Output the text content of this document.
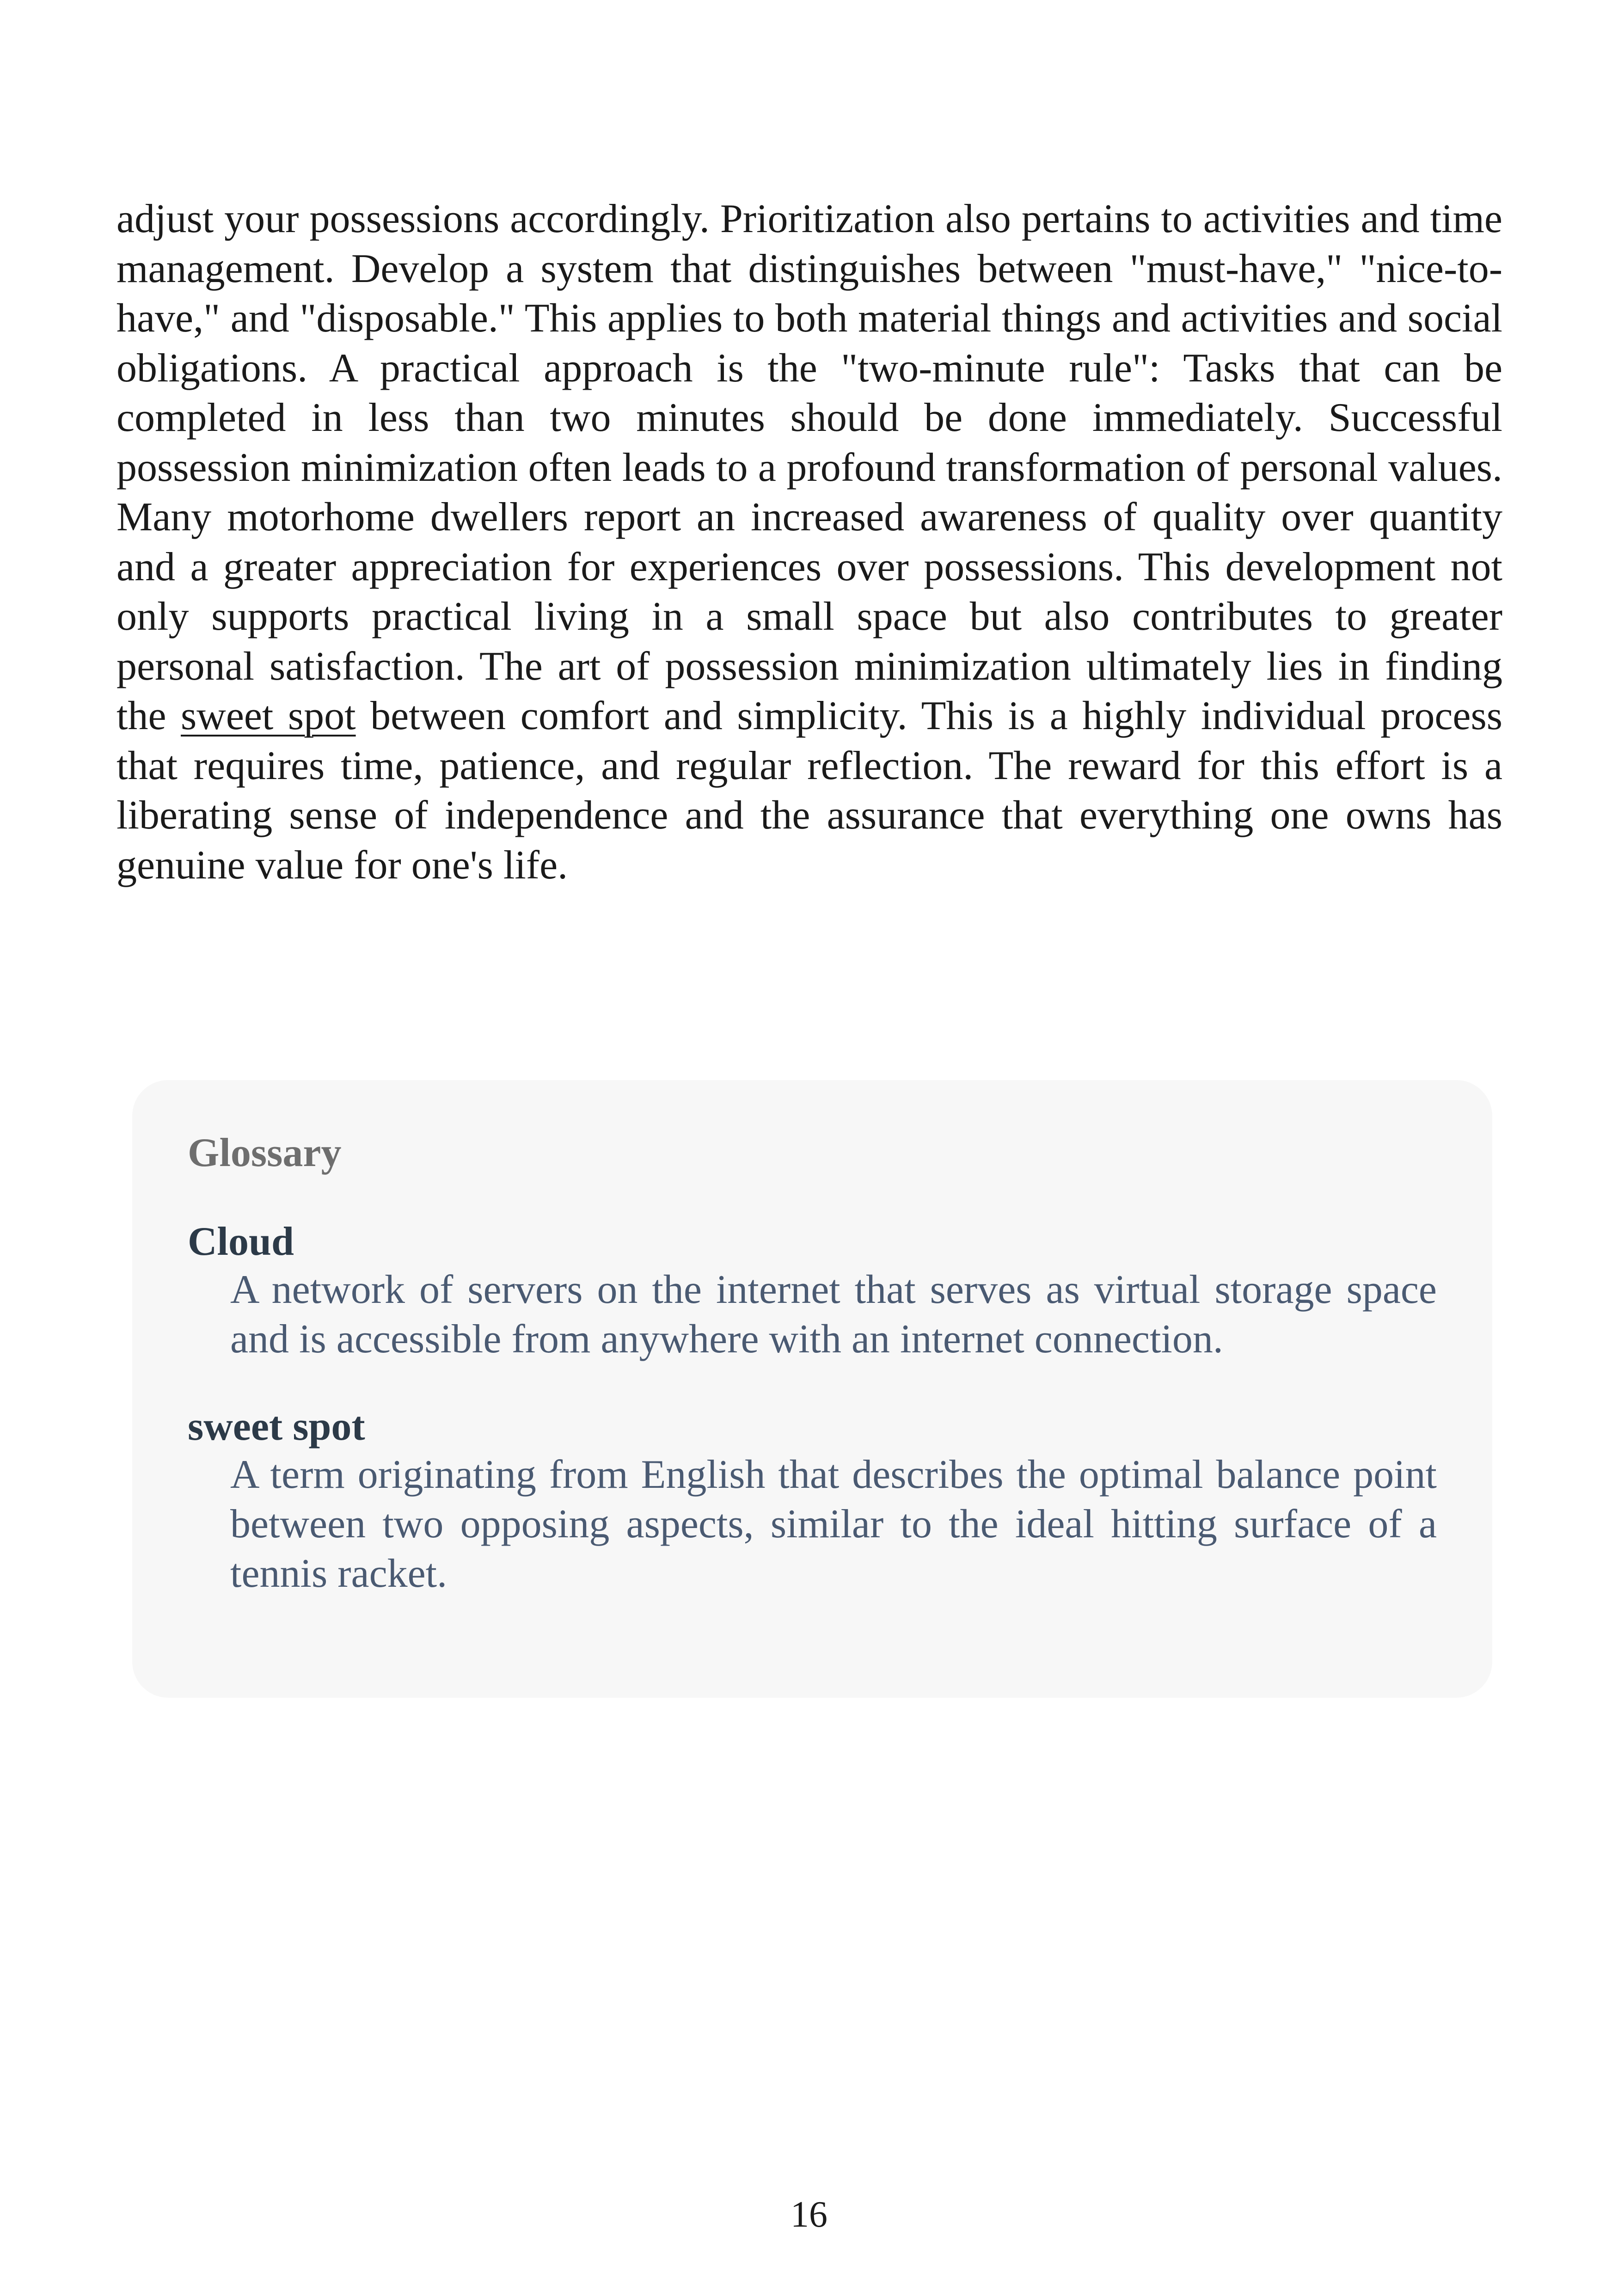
adjust your possessions accordingly. Prioritization also pertains to activities and time management. Develop a system that distinguishes between "must-have," "nice-to-have," and "disposable." This applies to both material things and activities and social obligations. A practical approach is the "two-minute rule": Tasks that can be completed in less than two minutes should be done immediately. Successful possession minimization often leads to a profound transformation of personal values. Many motorhome dwellers report an increased awareness of quality over quantity and a greater appreciation for experiences over possessions. This development not only supports practical living in a small space but also contributes to greater personal satisfaction. The art of possession minimization ultimately lies in finding the sweet spot between comfort and simplicity. This is a highly individual process that requires time, patience, and regular reflection. The reward for this effort is a liberating sense of independence and the assurance that everything one owns has genuine value for one's life.

Glossary

Cloud

A network of servers on the internet that serves as virtual storage space and is accessible from anywhere with an internet connection.

sweet spot

A term originating from English that describes the optimal balance point between two opposing aspects, similar to the ideal hitting surface of a tennis racket.

16
